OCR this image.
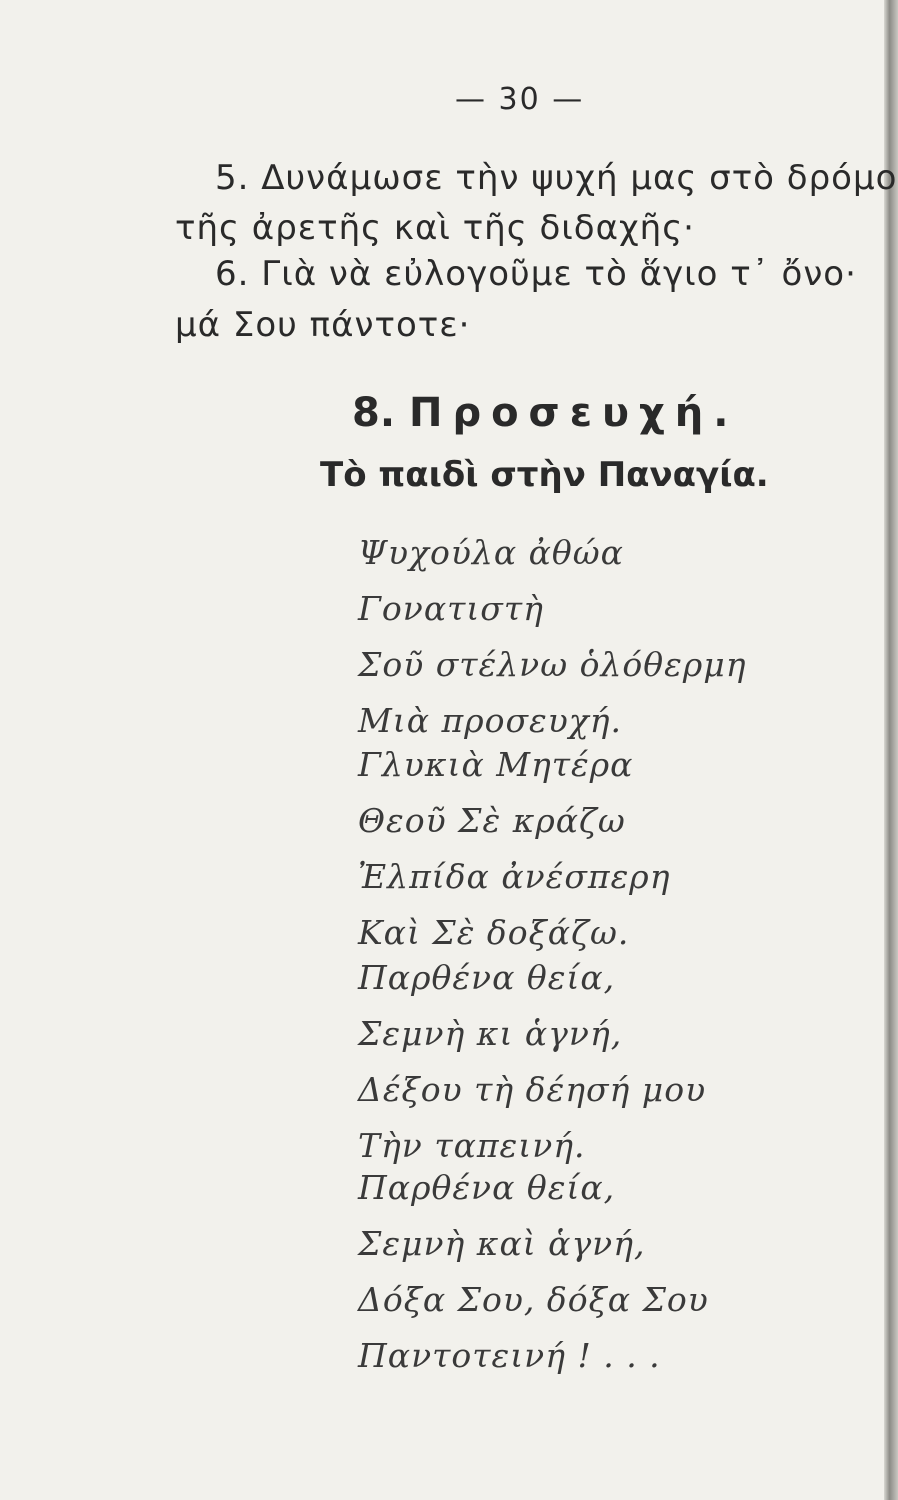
— 30 —
5. Δυνάμωσε τὴν ψυχή μας στὸ δρόμο
τῆς ἀρετῆς καὶ τῆς διδαχῆς·
6. Γιὰ νὰ εὐλογοῦμε τὸ ἅγιο τ᾽ ὄνο·
μά Σου πάντοτε·
8. Προσευχή.
Τὸ παιδὶ στὴν Παναγία.
Ψυχούλα ἀθώα
Γονατιστὴ
Σοῦ στέλνω ὁλόθερμη
Μιὰ προσευχή.
Γλυκιὰ Μητέρα
Θεοῦ Σὲ κράζω
Ἐλπίδα ἀνέσπερη
Καὶ Σὲ δοξάζω.
Παρθένα θεία,
Σεμνὴ κι ἁγνή,
Δέξου τὴ δέησή μου
Τὴν ταπεινή.
Παρθένα θεία,
Σεμνὴ καὶ ἁγνή,
Δόξα Σου, δόξα Σου
Παντοτεινή ! . . .
